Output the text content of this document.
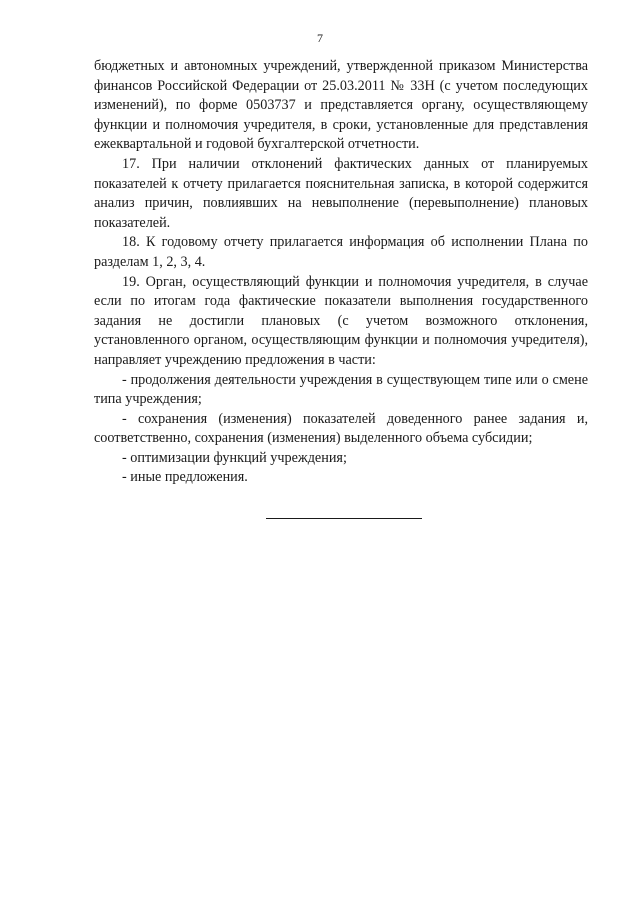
7

бюджетных и автономных учреждений, утвержденной приказом Министерства финансов Российской Федерации от 25.03.2011 № 33Н (с учетом последующих изменений), по форме 0503737 и представляется органу, осуществляющему функции и полномочия учредителя, в сроки, установленные для представления ежеквартальной и годовой бухгалтерской отчетности.

17. При наличии отклонений фактических данных от планируемых показателей к отчету прилагается пояснительная записка, в которой содержится анализ причин, повлиявших на невыполнение (перевыполнение) плановых показателей.

18. К годовому отчету прилагается информация об исполнении Плана по разделам 1, 2, 3, 4.

19. Орган, осуществляющий функции и полномочия учредителя, в случае если по итогам года фактические показатели выполнения государственного задания не достигли плановых (с учетом возможного отклонения, установленного органом, осуществляющим функции и полномочия учредителя), направляет учреждению предложения в части:

- продолжения деятельности учреждения в существующем типе или о смене типа учреждения;

- сохранения (изменения) показателей доведенного ранее задания и, соответственно, сохранения (изменения) выделенного объема субсидии;

- оптимизации функций учреждения;

- иные предложения.
